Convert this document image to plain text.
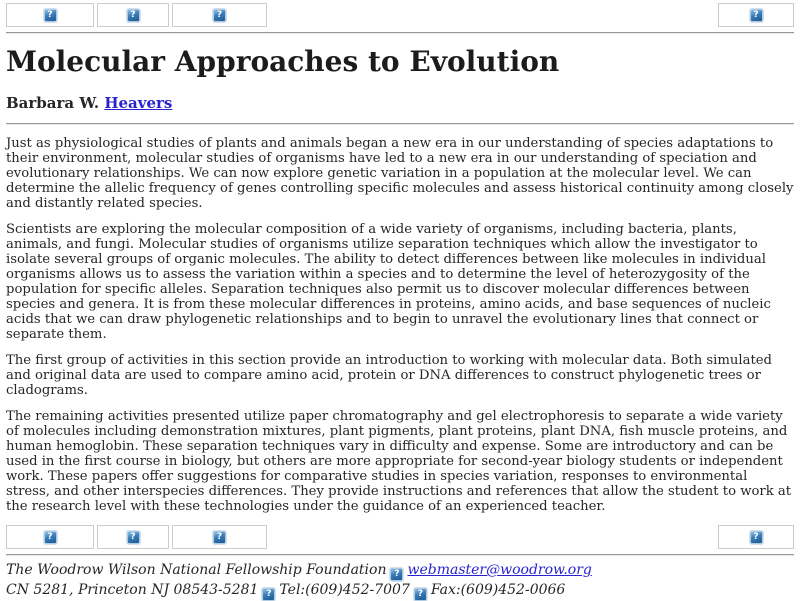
?	?	?	?
Molecular Approaches to Evolution

Barbara W. Heavers

Just as physiological studies of plants and animals began a new era in our understanding of species adaptations to their environment, molecular studies of organisms have led to a new era in our understanding of speciation and evolutionary relationships. We can now explore genetic variation in a population at the molecular level. We can determine the allelic frequency of genes controlling specific molecules and assess historical continuity among closely and distantly related species.

Scientists are exploring the molecular composition of a wide variety of organisms, including bacteria, plants, animals, and fungi. Molecular studies of organisms utilize separation techniques which allow the investigator to isolate several groups of organic molecules. The ability to detect differences between like molecules in individual organisms allows us to assess the variation within a species and to determine the level of heterozygosity of the population for specific alleles. Separation techniques also permit us to discover molecular differences between species and genera. It is from these molecular differences in proteins, amino acids, and base sequences of nucleic acids that we can draw phylogenetic relationships and to begin to unravel the evolutionary lines that connect or separate them.

The first group of activities in this section provide an introduction to working with molecular data. Both simulated and original data are used to compare amino acid, protein or DNA differences to construct phylogenetic trees or cladograms.

The remaining activities presented utilize paper chromatography and gel electrophoresis to separate a wide variety of molecules including demonstration mixtures, plant pigments, plant proteins, plant DNA, fish muscle proteins, and human hemoglobin. These separation techniques vary in difficulty and expense. Some are introductory and can be used in the first course in biology, but others are more appropriate for second-year biology students or independent work. These papers offer suggestions for comparative studies in species variation, responses to environmental stress, and other interspecies differences. They provide instructions and references that allow the student to work at the research level with these technologies under the guidance of an experienced teacher.

?	?	?	?
The Woodrow Wilson National Fellowship Foundation ? webmaster@woodrow.org
CN 5281, Princeton NJ 08543-5281 ? Tel:(609)452-7007 ? Fax:(609)452-0066
